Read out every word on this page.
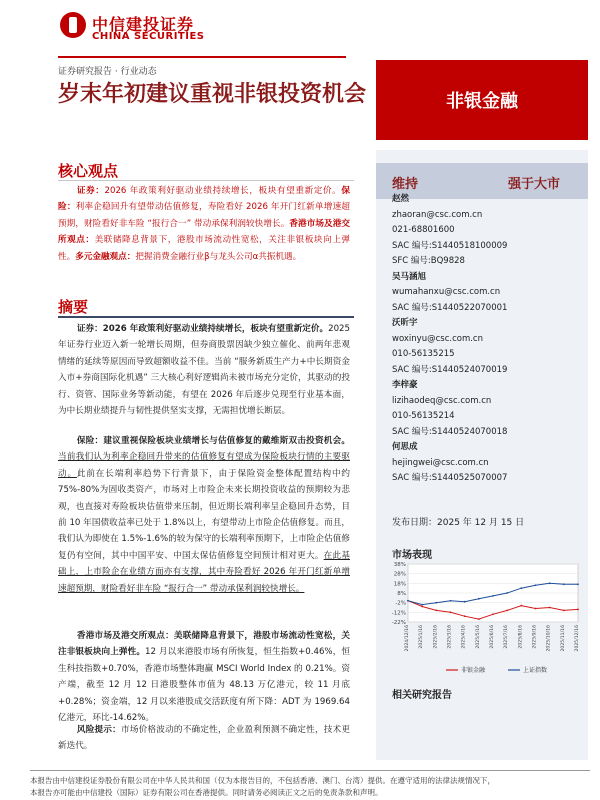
中信建投证券
CHINA SECURITIES
证券研究报告 · 行业动态
岁末年初建议重视非银投资机会	非银金融
维持	强于大市
赵然
zhaoran@csc.com.cn
021-68801600
SAC 编号:S1440518100009
SFC 编号:BQ9828
吴马涵旭
wumahanxu@csc.com.cn
SAC 编号:S1440522070001
沃昕宇
woxinyu@csc.com.cn
010-56135215
SAC 编号:S1440524070019
李梓豪
lizihaodeq@csc.com.cn
010-56135214
SAC 编号:S1440524070018
何思成
hejingwei@csc.com.cn
SAC 编号:S1440525070007
发布日期：2025 年 12 月 15 日
市场表现
38%
28%
18%
8%
-2%
-12%
-22%
2024/12/16 2025/1/16 2025/2/16 2025/3/16 2025/4/16 2025/5/16 2025/6/16 2025/7/16 2025/8/16 2025/9/16 2025/10/16 2025/11/16 2025/12/16
非银金融	上证指数
相关研究报告
核心观点
证券：2026 年政策利好驱动业绩持续增长，板块有望重新定价。保险：利率企稳回升有望带动估值修复，寿险看好 2026 年开门红新单增速超预期，财险看好非车险 “报行合一” 带动承保利润较快增长。香港市场及港交所观点：美联储降息背景下，港股市场流动性宽松，关注非银板块向上弹性。多元金融观点：把握消费金融行业β与龙头公司α共振机遇。
摘要
证券：2026 年政策利好驱动业绩持续增长，板块有望重新定价。2025 年证券行业迈入新一轮增长周期，但券商股票因缺少独立催化、前两年悲观情绪的延续等原因而导致超额收益不佳。当前 “服务新质生产力+中长期资金入市+券商国际化机遇” 三大核心利好逻辑尚未被市场充分定价，其驱动的投行、资管、国际业务等新动能，有望在 2026 年后逐步兑现至行业基本面，为中长期业绩提升与韧性提供坚实支撑，无需担忧增长断层。
保险：建议重视保险板块业绩增长与估值修复的戴维斯双击投资机会。当前我们认为利率企稳回升带来的估值修复有望成为保险板块行情的主要驱动。此前在长端利率趋势下行背景下，由于保险资金整体配置结构中约 75%-80%为固收类资产，市场对上市险企未来长期投资收益的预期较为悲观，也直接对寿险板块估值带来压制，但近期长端利率呈企稳回升态势，目前 10 年国债收益率已处于 1.8%以上，有望带动上市险企估值修复。而且，我们认为即使在 1.5%-1.6%的较为保守的长端利率预期下，上市险企估值修复仍有空间，其中中国平安、中国太保估值修复空间预计相对更大。在此基础上，上市险企在业绩方面亦有支撑，其中寿险看好 2026 年开门红新单增速超预期，财险看好非车险 “报行合一” 带动承保利润较快增长。
香港市场及港交所观点：美联储降息背景下，港股市场流动性宽松，关注非银板块向上弹性。12 月以来港股市场有所恢复，恒生指数+0.46%，恒生科技指数+0.70%，香港市场整体跑赢 MSCI World Index 的 0.21%。资产端，截至 12 月 12 日港股整体市值为 48.13 万亿港元，较 11 月底+0.28%；资金端，12 月以来港股成交活跃度有所下降：ADT 为 1969.64 亿港元，环比-14.62%。
风险提示：市场价格波动的不确定性，企业盈利预测不确定性，技术更新迭代。
本报告由中信建投证券股份有限公司在中华人民共和国（仅为本报告目的，不包括香港、澳门、台湾）提供。在遵守适用的法律法规情况下，
本报告亦可能由中信建投（国际）证券有限公司在香港提供。同时请务必阅读正文之后的免责条款和声明。
